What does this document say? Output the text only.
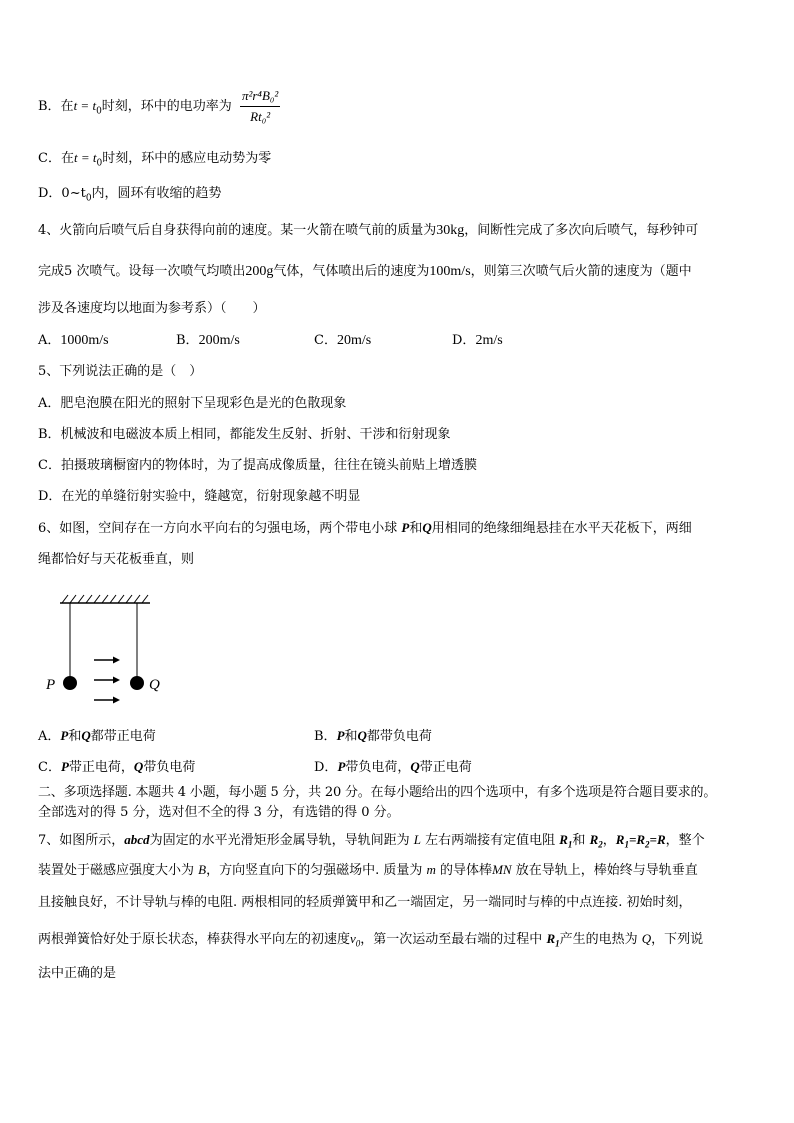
B．在$t = t_0$时刻，环中的电功率为 $\frac{\text{π²r⁴B₀²}}{\text{Rt₀²}}$
C．在$t = t_0$时刻，环中的感应电动势为零
D．$0\sim t_0$内，圆环有收缩的趋势
4、火箭向后喷气后自身获得向前的速度。某一火箭在喷气前的质量为30kg，间断性完成了多次向后喷气，每秒钟可
完成5 次喷气。设每一次喷气均喷出200g气体，气体喷出后的速度为100m/s，则第三次喷气后火箭的速度为（题中
涉及各速度均以地面为参考系）（　　）
A．1000m/s	B．200m/s	C．20m/s	D．2m/s
5、下列说法正确的是（　）
A．肥皂泡膜在阳光的照射下呈现彩色是光的色散现象
B．机械波和电磁波本质上相同，都能发生反射、折射、干涉和衍射现象
C．拍摄玻璃橱窗内的物体时，为了提高成像质量，往往在镜头前贴上增透膜
D．在光的单缝衍射实验中，缝越宽，衍射现象越不明显
6、如图，空间存在一方向水平向右的匀强电场，两个带电小球 P和Q用相同的绝缘细绳悬挂在水平天花板下，两细
绳都恰好与天花板垂直，则
P	Q
A．P和Q都带正电荷	B．P和Q都带负电荷
C．P带正电荷，Q带负电荷	D．P带负电荷，Q带正电荷
二、多项选择题. 本题共 4 小题，每小题 5 分，共 20 分。在每小题给出的四个选项中，有多个选项是符合题目要求的。
全部选对的得 5 分，选对但不全的得 3 分，有选错的得 0 分。
7、如图所示，abcd为固定的水平光滑矩形金属导轨，导轨间距为 L 左右两端接有定值电阻 $R_1$和 $R_2$，$R_1=R_2=R$，整个
装置处于磁感应强度大小为 B，方向竖直向下的匀强磁场中. 质量为 m 的导体棒MN 放在导轨上，棒始终与导轨垂直
且接触良好，不计导轨与棒的电阻. 两根相同的轻质弹簧甲和乙一端固定，另一端同时与棒的中点连接. 初始时刻，
两根弹簧恰好处于原长状态，棒获得水平向左的初速度$v_0$，第一次运动至最右端的过程中 $R_1$产生的电热为 Q，下列说
法中正确的是
